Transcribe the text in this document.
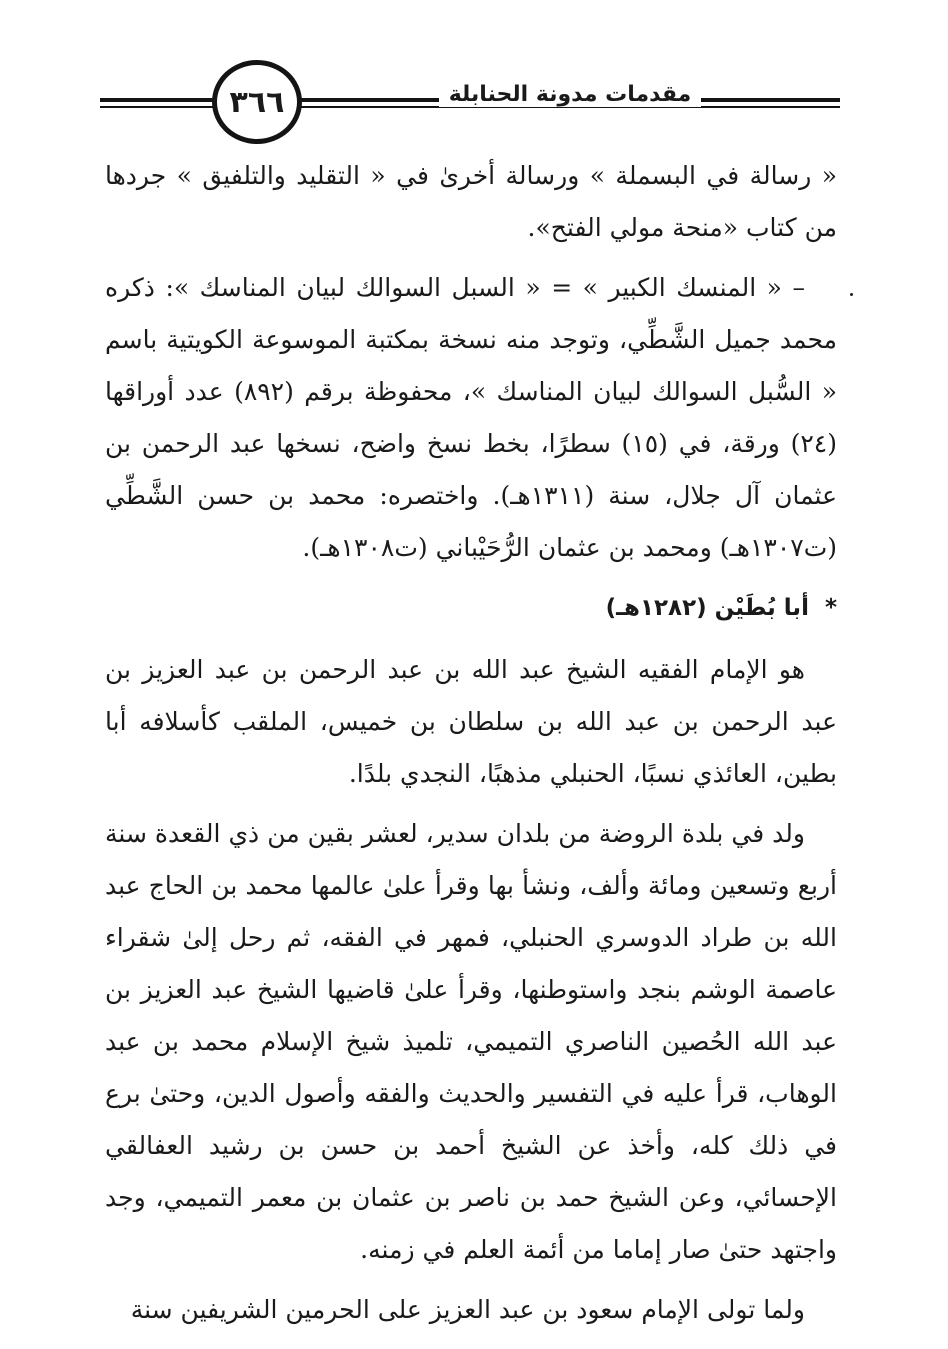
٣٦٦	مقدمات مدونة الحنابلة

« رسالة في البسملة » ورسالة أخرىٰ في « التقليد والتلفيق » جردها من كتاب «منحة مولي الفتح».

– « المنسك الكبير » = « السبل السوالك لبيان المناسك »: ذكره محمد جميل الشَّطِّي، وتوجد منه نسخة بمكتبة الموسوعة الكويتية باسم « السُّبل السوالك لبيان المناسك »، محفوظة برقم (٨٩٢) عدد أوراقها (٢٤) ورقة، في (١٥) سطرًا، بخط نسخ واضح، نسخها عبد الرحمن بن عثمان آل جلال، سنة (١٣١١هـ). واختصره: محمد بن حسن الشَّطِّي (ت١٣٠٧هـ) ومحمد بن عثمان الرُّحَيْباني (ت١٣٠٨هـ).

* أبا بُطَيْن (١٢٨٢هـ)

هو الإمام الفقيه الشيخ عبد الله بن عبد الرحمن بن عبد العزيز بن عبد الرحمن بن عبد الله بن سلطان بن خميس، الملقب كأسلافه أبا بطين، العائذي نسبًا، الحنبلي مذهبًا، النجدي بلدًا.

ولد في بلدة الروضة من بلدان سدير، لعشر بقين من ذي القعدة سنة أربع وتسعين ومائة وألف، ونشأ بها وقرأ علىٰ عالمها محمد بن الحاج عبد الله بن طراد الدوسري الحنبلي، فمهر في الفقه، ثم رحل إلىٰ شقراء عاصمة الوشم بنجد واستوطنها، وقرأ علىٰ قاضيها الشيخ عبد العزيز بن عبد الله الحُصين الناصري التميمي، تلميذ شيخ الإسلام محمد بن عبد الوهاب، قرأ عليه في التفسير والحديث والفقه وأصول الدين، وحتىٰ برع في ذلك كله، وأخذ عن الشيخ أحمد بن حسن بن رشيد العفالقي الإحسائي، وعن الشيخ حمد بن ناصر بن عثمان بن معمر التميمي، وجد واجتهد حتىٰ صار إماما من أئمة العلم في زمنه.

ولما تولى الإمام سعود بن عبد العزيز على الحرمين الشريفين سنة
